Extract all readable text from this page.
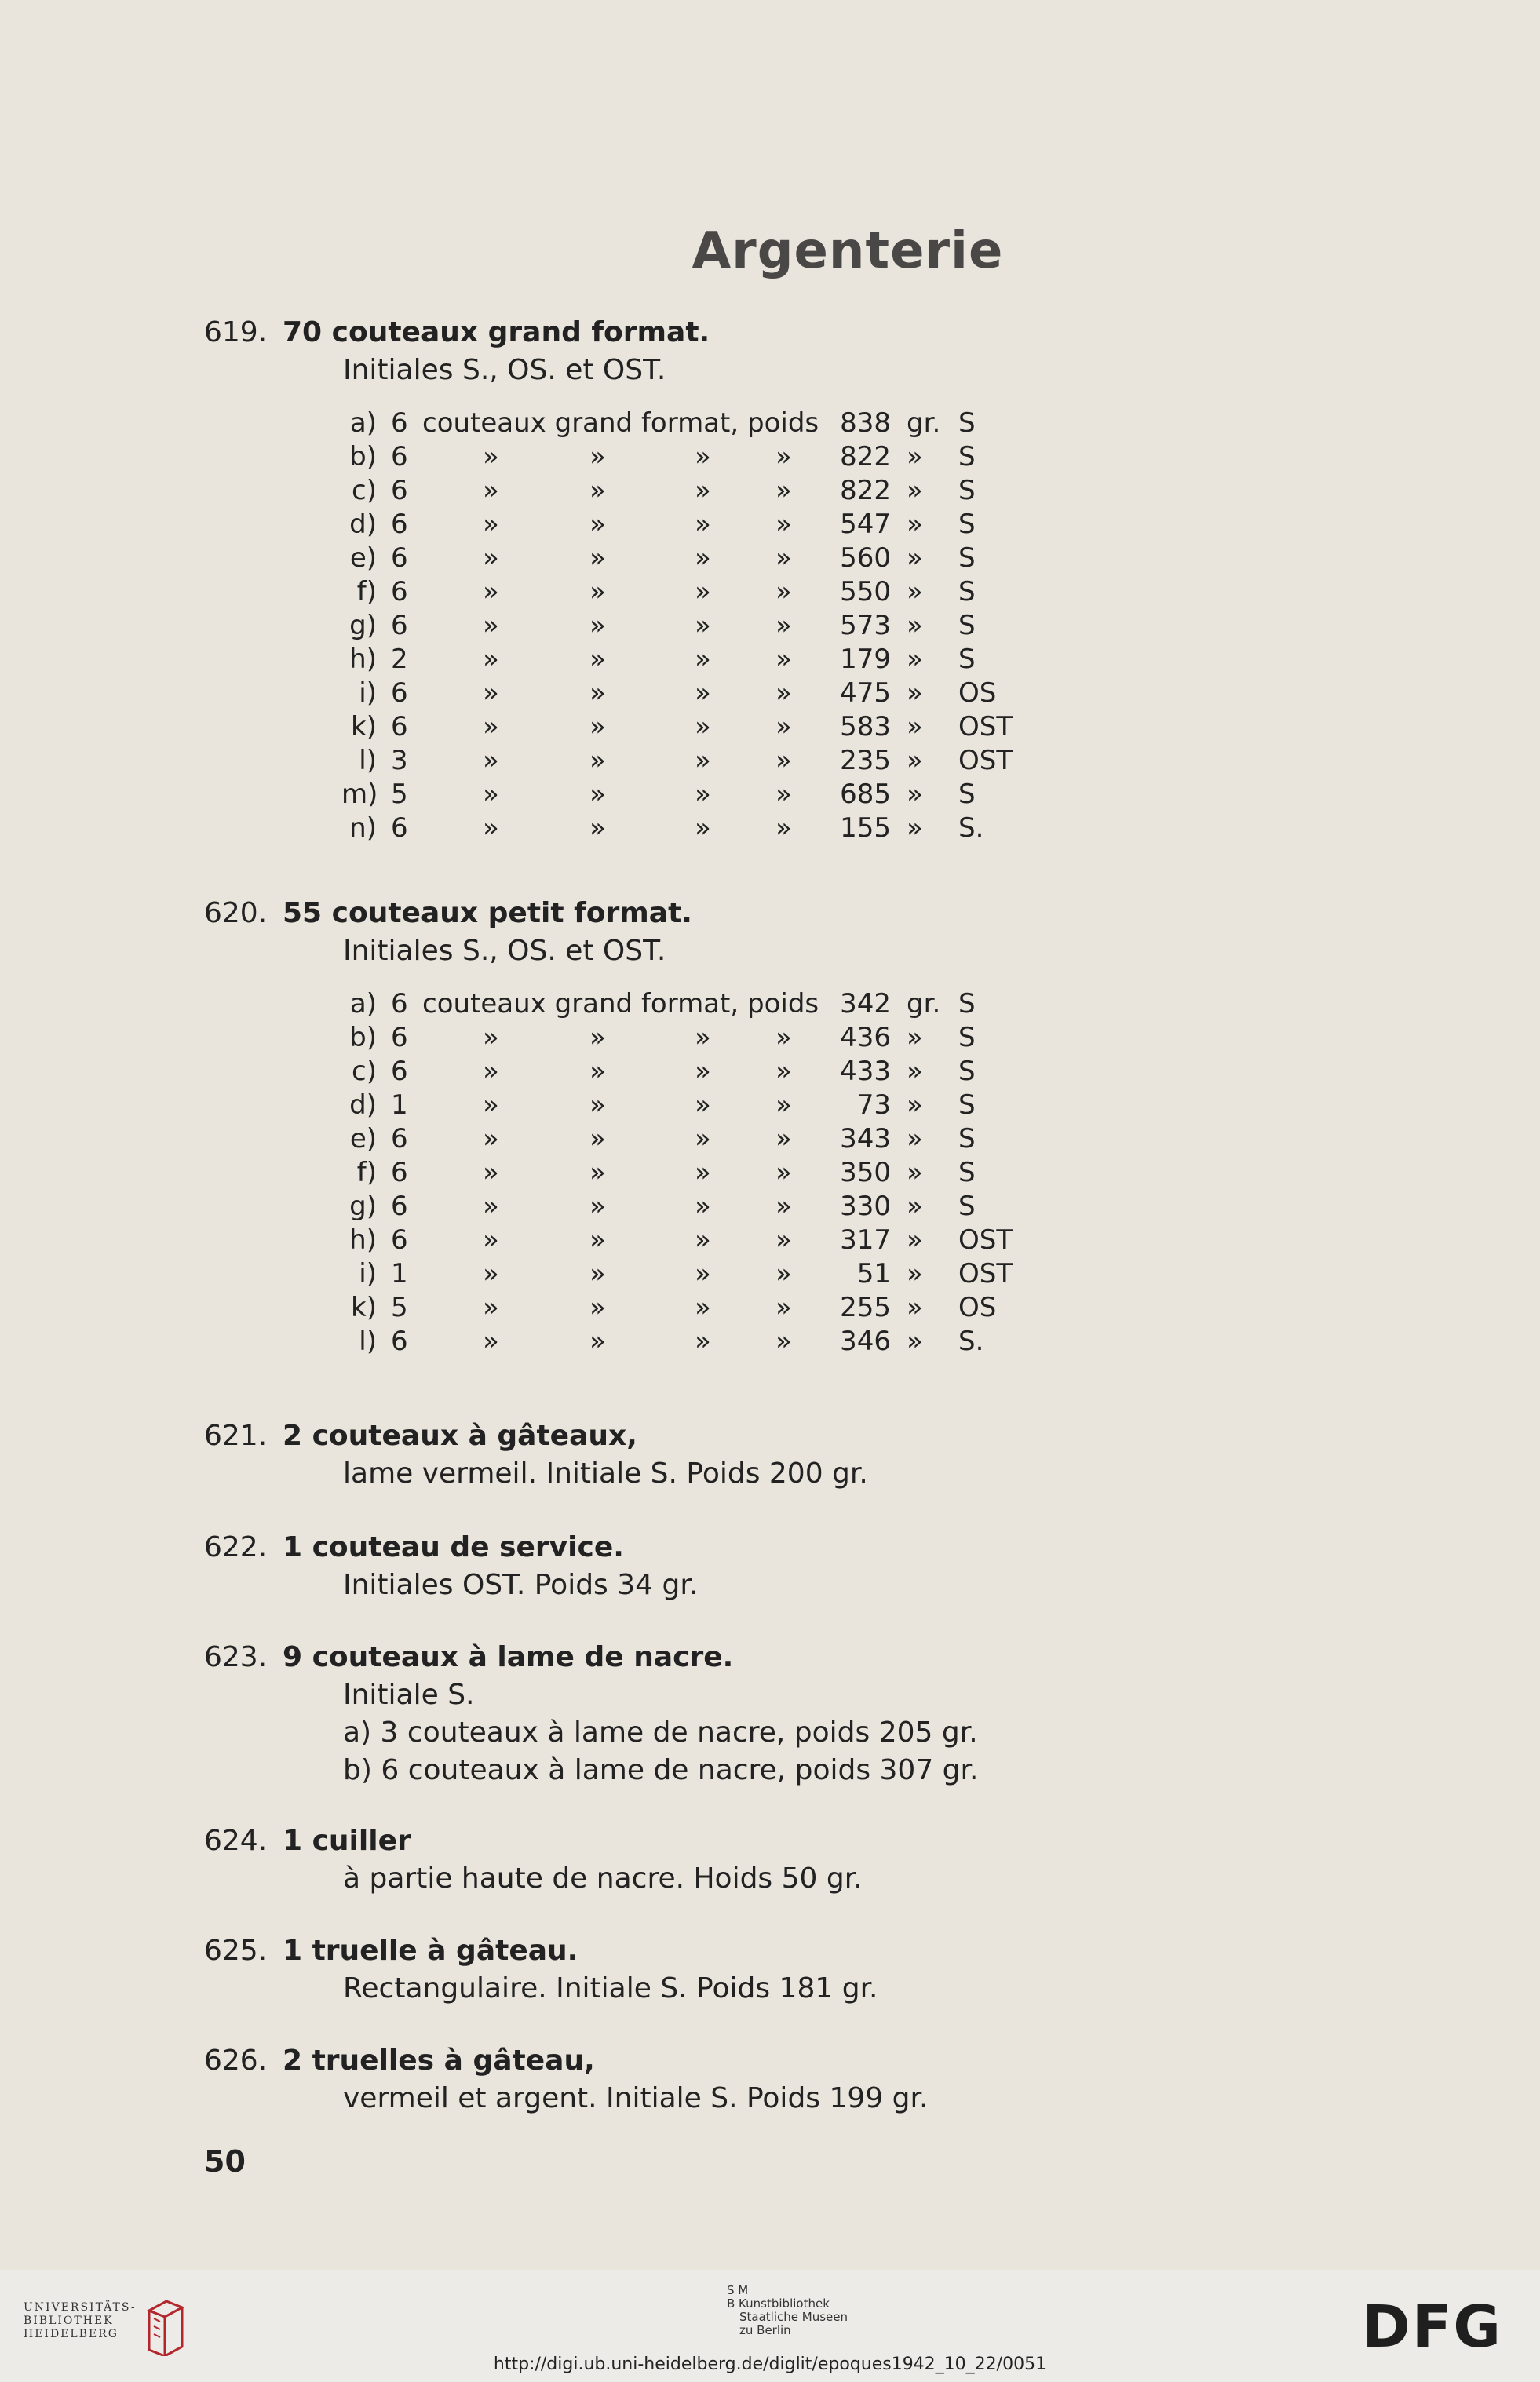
Argenterie
619. 70 couteaux grand format.
Initiales S., OS. et OST.
a) 6 couteaux grand format, poids 838 gr. S
b) 6	»	»	» »	822 » S
c) 6	»	»	» »	822 » S
d) 6	»	»	» »	547 » S
e) 6	»	»	» »	560 » S
f) 6	»	»	» »	550 » S
g) 6	»	»	» »	573 » S
h) 2	»	»	» »	179 » S
i) 6	»	»	» »	475 » OS
k) 6	»	»	» »	583 » OST
l) 3	»	»	» »	235 » OST
m) 5	»	»	» »	685 » S
n) 6	»	»	» »	155 » S.
620. 55 couteaux petit format.
Initiales S., OS. et OST.
a) 6 couteaux grand format, poids 342 gr. S
b) 6	»	»	» »	436 » S
c) 6	»	»	» »	433 » S
d) 1	»	»	» »	73 » S
e) 6	»	»	» »	343 » S
f) 6	»	»	» »	350 » S
g) 6	»	»	» »	330 » S
h) 6	»	»	» »	317 » OST
i) 1	»	»	» »	51 » OST
k) 5	»	»	» »	255 » OS
l) 6	»	»	» »	346 » S.
621. 2 couteaux à gâteaux,
lame vermeil. Initiale S. Poids 200 gr.
622. 1 couteau de service.
Initiales OST. Poids 34 gr.
623. 9 couteaux à lame de nacre.
Initiale S.
a) 3 couteaux à lame de nacre, poids 205 gr.
b) 6 couteaux à lame de nacre, poids 307 gr.
624. 1 cuiller
à partie haute de nacre. Hoids 50 gr.
625. 1 truelle à gâteau.
Rectangulaire. Initiale S. Poids 181 gr.
626. 2 truelles à gâteau,
vermeil et argent. Initiale S. Poids 199 gr.
50
UNIVERSITÄTS-
BIBLIOTHEK
HEIDELBERG
S M
B Kunstbibliothek
Staatliche Museen
zu Berlin	DFG
http://digi.ub.uni-heidelberg.de/diglit/epoques1942_10_22/0051
